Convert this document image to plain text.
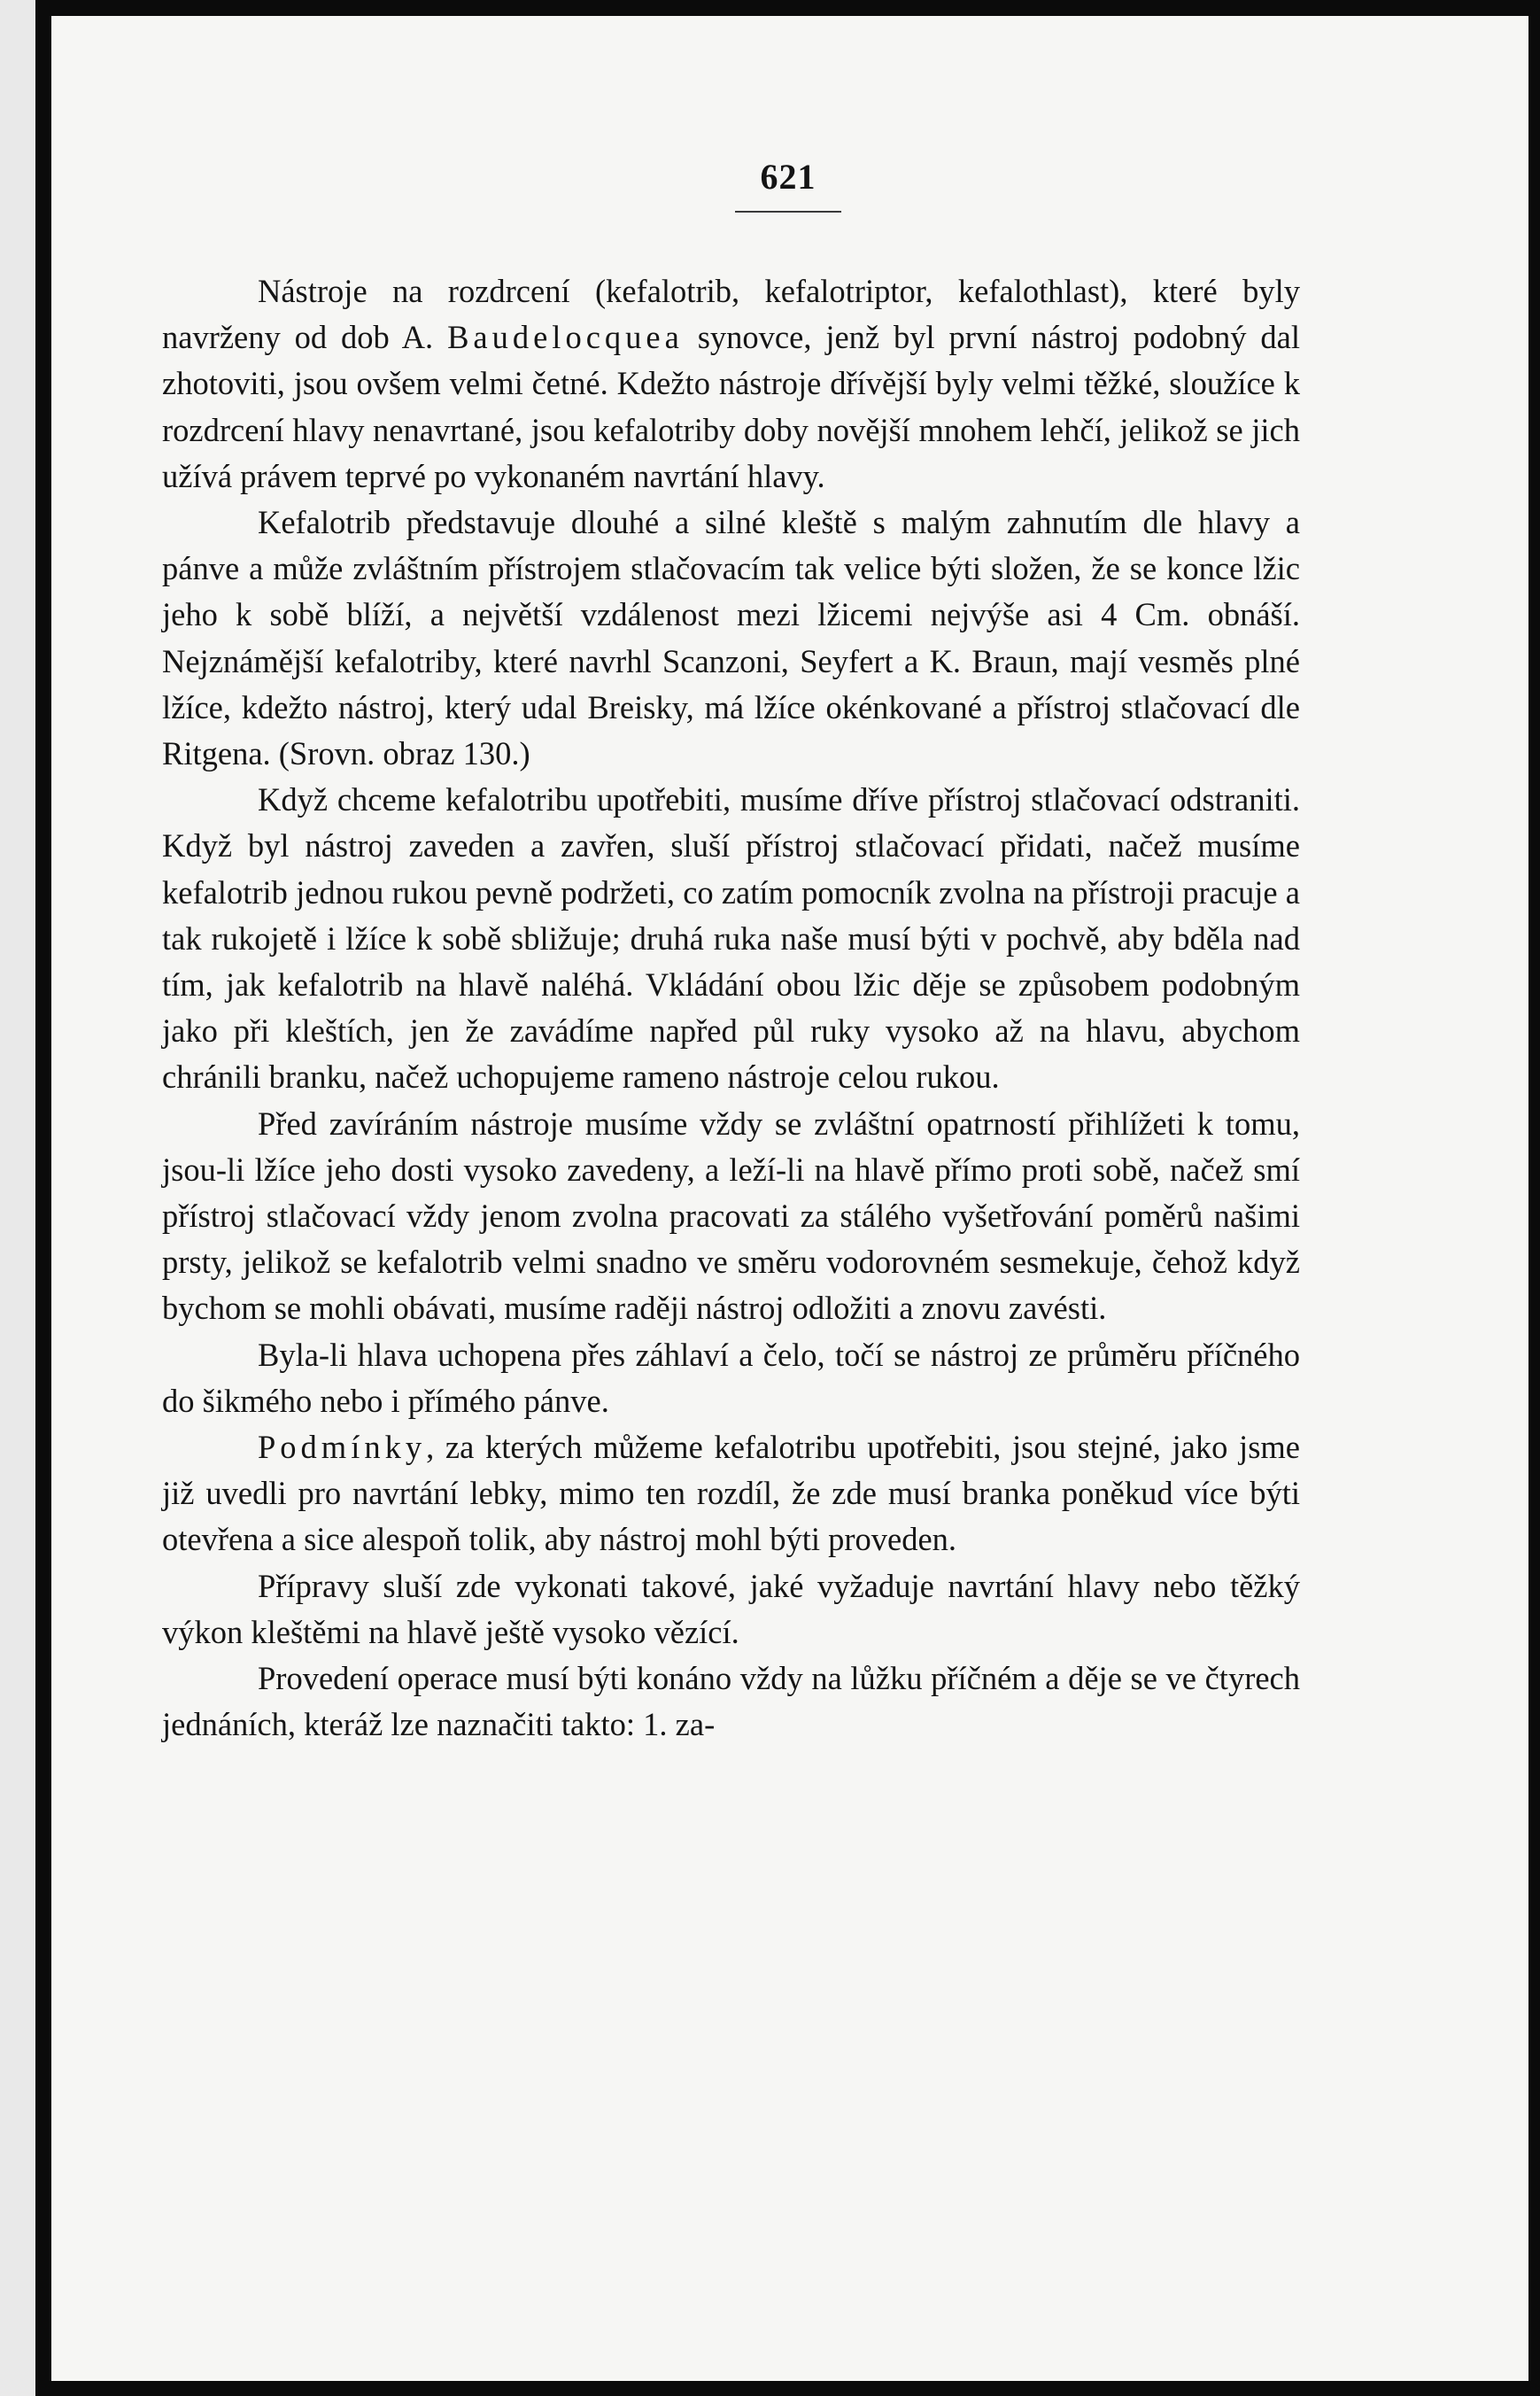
621

Nástroje na rozdrcení (kefalotrib, kefalotriptor, kefalothlast), které byly navrženy od dob A. Baudelocquea synovce, jenž byl první nástroj podobný dal zhotoviti, jsou ovšem velmi četné. Kdežto nástroje dřívější byly velmi těžké, sloužíce k rozdrcení hlavy nenavrtané, jsou kefalotriby doby novější mnohem lehčí, jelikož se jich užívá právem teprvé po vykonaném navrtání hlavy.

Kefalotrib představuje dlouhé a silné kleště s malým zahnutím dle hlavy a pánve a může zvláštním přístrojem stlačovacím tak velice býti složen, že se konce lžic jeho k sobě blíží, a největší vzdálenost mezi lžicemi nejvýše asi 4 Cm. obnáší. Nejznámější kefalotriby, které navrhl Scanzoni, Seyfert a K. Braun, mají vesměs plné lžíce, kdežto nástroj, který udal Breisky, má lžíce okénkované a přístroj stlačovací dle Ritgena. (Srovn. obraz 130.)

Když chceme kefalotribu upotřebiti, musíme dříve přístroj stlačovací odstraniti. Když byl nástroj zaveden a zavřen, sluší přístroj stlačovací přidati, načež musíme kefalotrib jednou rukou pevně podržeti, co zatím pomocník zvolna na přístroji pracuje a tak rukojetě i lžíce k sobě sbližuje; druhá ruka naše musí býti v pochvě, aby bděla nad tím, jak kefalotrib na hlavě naléhá. Vkládání obou lžic děje se způsobem podobným jako při kleštích, jen že zavádíme napřed půl ruky vysoko až na hlavu, abychom chránili branku, načež uchopujeme rameno nástroje celou rukou.

Před zavíráním nástroje musíme vždy se zvláštní opatrností přihlížeti k tomu, jsou-li lžíce jeho dosti vysoko zavedeny, a leží-li na hlavě přímo proti sobě, načež smí přístroj stlačovací vždy jenom zvolna pracovati za stálého vyšetřování poměrů našimi prsty, jelikož se kefalotrib velmi snadno ve směru vodorovném sesmekuje, čehož když bychom se mohli obávati, musíme raději nástroj odložiti a znovu zavésti.

Byla-li hlava uchopena přes záhlaví a čelo, točí se nástroj ze průměru příčného do šikmého nebo i přímého pánve.

Podmínky, za kterých můžeme kefalotribu upotřebiti, jsou stejné, jako jsme již uvedli pro navrtání lebky, mimo ten rozdíl, že zde musí branka poněkud více býti otevřena a sice alespoň tolik, aby nástroj mohl býti proveden.

Přípravy sluší zde vykonati takové, jaké vyžaduje navrtání hlavy nebo těžký výkon kleštěmi na hlavě ještě vysoko vězící.

Provedení operace musí býti konáno vždy na lůžku příčném a děje se ve čtyrech jednáních, kteráž lze naznačiti takto: 1. za-
